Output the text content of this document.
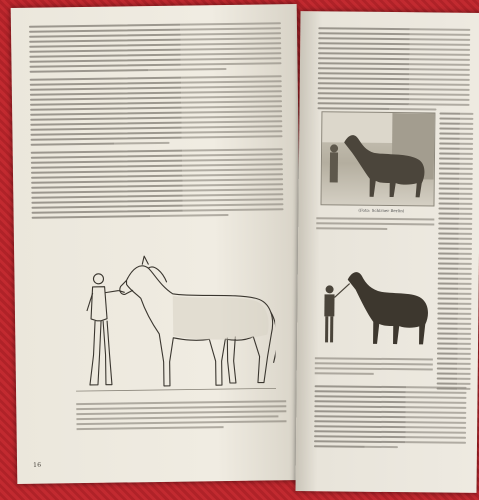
16
(Foto: Schirner Berlin)
